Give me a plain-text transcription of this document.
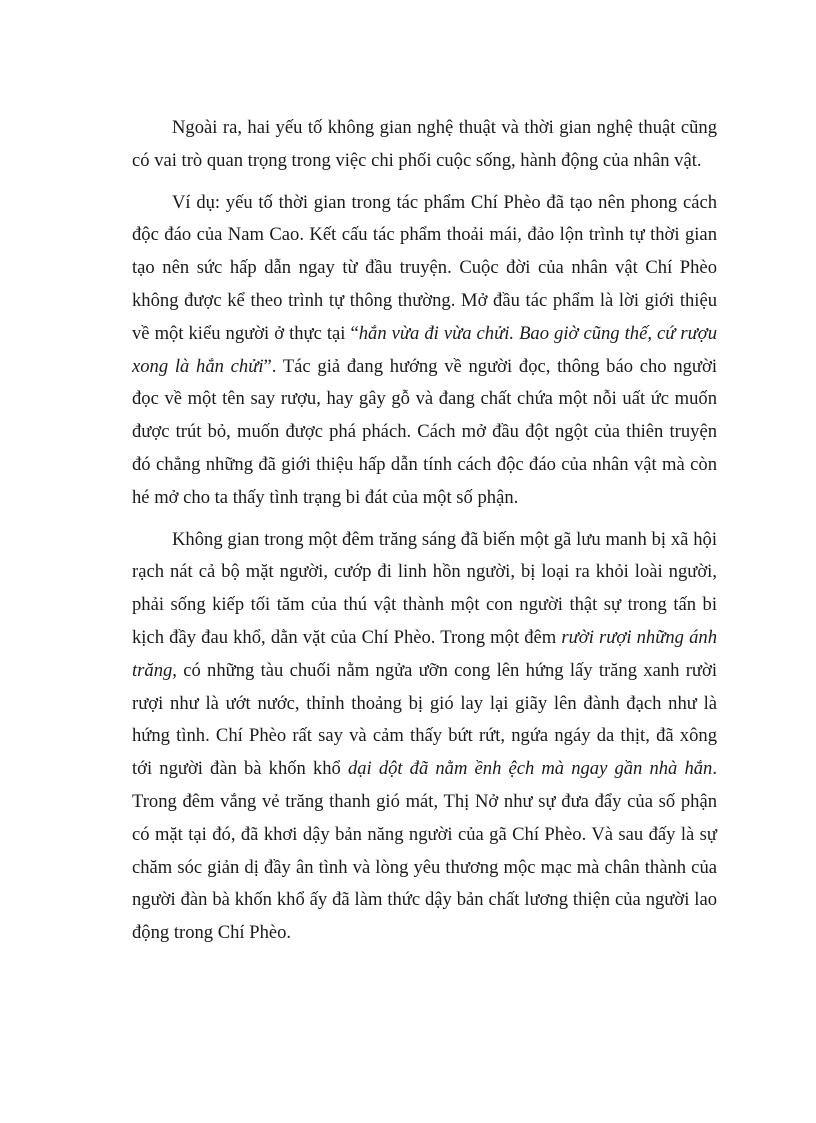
Ngoài ra, hai yếu tố không gian nghệ thuật và thời gian nghệ thuật cũng có vai trò quan trọng trong việc chi phối cuộc sống, hành động của nhân vật.

Ví dụ: yếu tố thời gian trong tác phẩm Chí Phèo đã tạo nên phong cách độc đáo của Nam Cao. Kết cấu tác phẩm thoải mái, đảo lộn trình tự thời gian tạo nên sức hấp dẫn ngay từ đầu truyện. Cuộc đời của nhân vật Chí Phèo không được kể theo trình tự thông thường. Mở đầu tác phẩm là lời giới thiệu về một kiểu người ở thực tại “hắn vừa đi vừa chửi. Bao giờ cũng thế, cứ rượu xong là hắn chửi”. Tác giả đang hướng về người đọc, thông báo cho người đọc về một tên say rượu, hay gây gỗ và đang chất chứa một nỗi uất ức muốn được trút bỏ, muốn được phá phách. Cách mở đầu đột ngột của thiên truyện đó chẳng những đã giới thiệu hấp dẫn tính cách độc đáo của nhân vật mà còn hé mở cho ta thấy tình trạng bi đát của một số phận.

Không gian trong một đêm trăng sáng đã biến một gã lưu manh bị xã hội rạch nát cả bộ mặt người, cướp đi linh hồn người, bị loại ra khỏi loài người, phải sống kiếp tối tăm của thú vật thành một con người thật sự trong tấn bi kịch đầy đau khổ, dằn vặt của Chí Phèo. Trong một đêm rười rượi những ánh trăng, có những tàu chuối nằm ngửa ưỡn cong lên hứng lấy trăng xanh rười rượi như là ướt nước, thỉnh thoảng bị gió lay lại giãy lên đành đạch như là hứng tình. Chí Phèo rất say và cảm thấy bứt rứt, ngứa ngáy da thịt, đã xông tới người đàn bà khốn khổ dại dột đã nằm ềnh ệch mà ngay gần nhà hắn. Trong đêm vắng vẻ trăng thanh gió mát, Thị Nở như sự đưa đẩy của số phận có mặt tại đó, đã khơi dậy bản năng người của gã Chí Phèo. Và sau đấy là sự chăm sóc giản dị đầy ân tình và lòng yêu thương mộc mạc mà chân thành của người đàn bà khốn khổ ấy đã làm thức dậy bản chất lương thiện của người lao động trong Chí Phèo.
